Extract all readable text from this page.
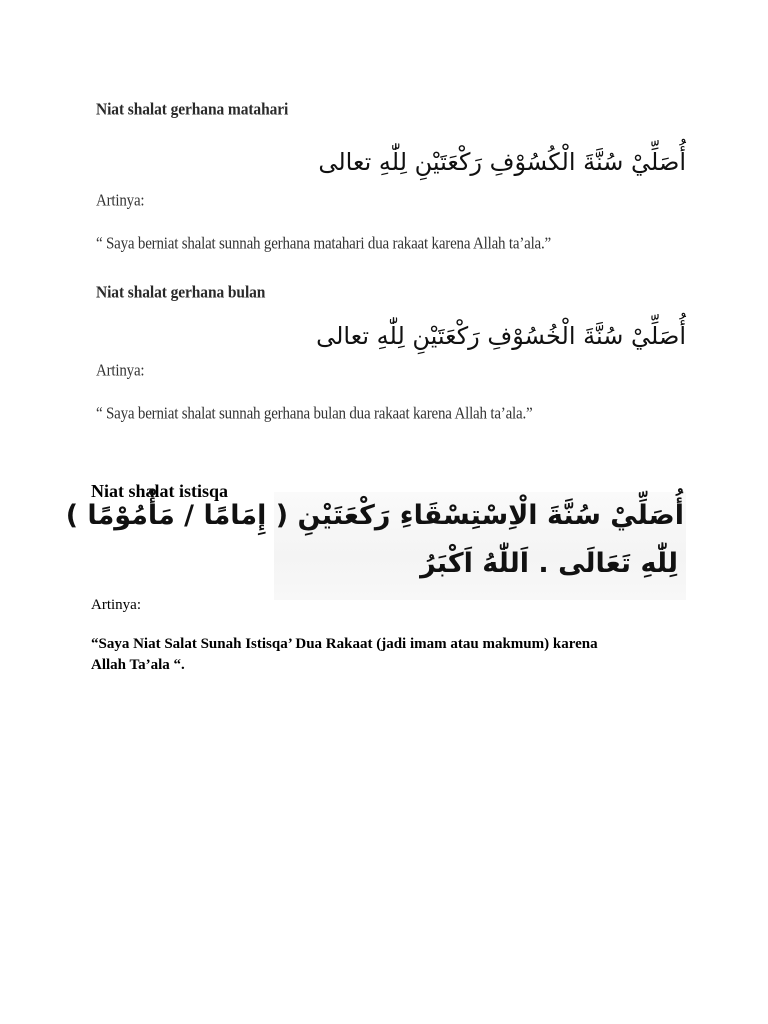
Niat shalat gerhana matahari
أُصَلِّيْ سُنَّةَ الْكُسُوْفِ رَكْعَتَيْنِ لِلّٰهِ تعالى
Artinya:
“ Saya berniat shalat sunnah gerhana matahari dua rakaat karena Allah ta’ala.”
Niat shalat gerhana bulan
أُصَلِّيْ سُنَّةَ الْخُسُوْفِ رَكْعَتَيْنِ لِلّٰهِ تعالى
Artinya:
“ Saya berniat shalat sunnah gerhana bulan dua rakaat karena Allah ta’ala.”
Niat shalat istisqa
أُصَلِّيْ سُنَّةَ الْاِسْتِسْقَاءِ رَكْعَتَيْنِ ( إِمَامًا / مَأْمُوْمًا )
لِلّٰهِ تَعَالَى . اَللّٰهُ اَكْبَرُ
Artinya:
“Saya Niat Salat Sunah Istisqa’ Dua Rakaat (jadi imam atau makmum) karena
Allah Ta’ala “.
